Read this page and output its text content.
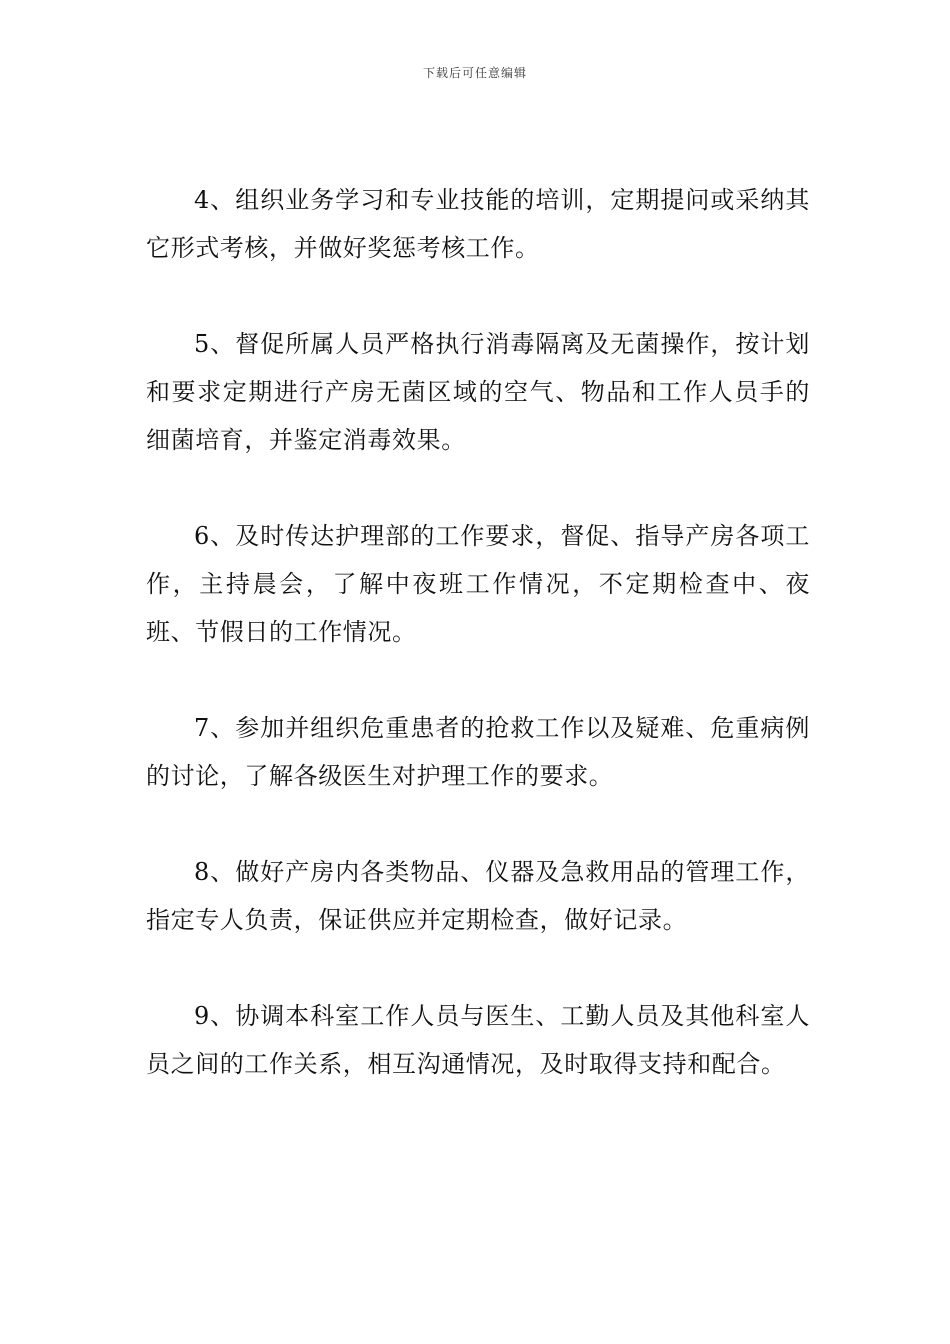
下载后可任意编辑

4、组织业务学习和专业技能的培训，定期提问或采纳其它形式考核，并做好奖惩考核工作。

5、督促所属人员严格执行消毒隔离及无菌操作，按计划和要求定期进行产房无菌区域的空气、物品和工作人员手的细菌培育，并鉴定消毒效果。

6、及时传达护理部的工作要求，督促、指导产房各项工作，主持晨会，了解中夜班工作情况，不定期检查中、夜班、节假日的工作情况。

7、参加并组织危重患者的抢救工作以及疑难、危重病例的讨论，了解各级医生对护理工作的要求。

8、做好产房内各类物品、仪器及急救用品的管理工作，指定专人负责，保证供应并定期检查，做好记录。

9、协调本科室工作人员与医生、工勤人员及其他科室人员之间的工作关系，相互沟通情况，及时取得支持和配合。
